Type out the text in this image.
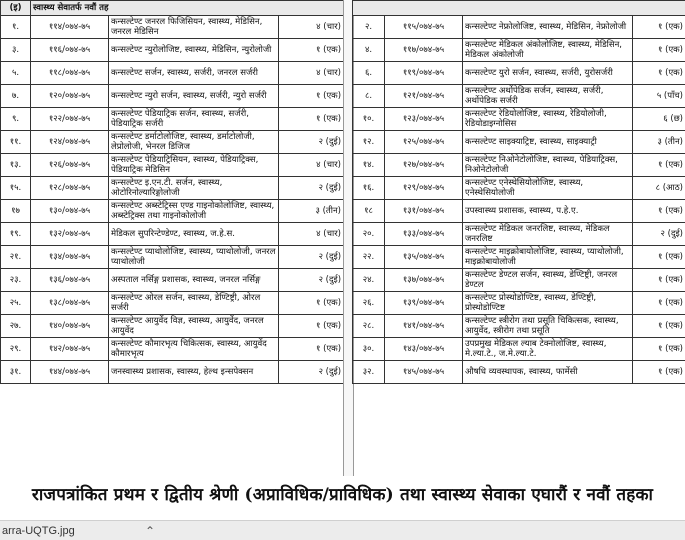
(इ)	स्वास्थ्य सेवातर्फ नवौं तह		
१.	११४/०७४-७५	कन्सल्टेण्ट जनरल फिजिसियन, स्वास्थ्य, मेडिसिन, जनरल मेडिसिन	४ (चार)
३.	११६/०७४-७५	कन्सल्टेण्ट न्युरोलोजिष्ट, स्वास्थ्य, मेडिसिन, न्युरोलोजी	१ (एक)
५.	११८/०७४-७५	कन्सल्टेण्ट सर्जन, स्वास्थ्य, सर्जरी, जनरल सर्जरी	४ (चार)
७.	१२०/०७४-७५	कन्सल्टेण्ट न्युरो सर्जन, स्वास्थ्य, सर्जरी, न्युरो सर्जरी	१ (एक)
९.	१२२/०७४-७५	कन्सल्टेण्ट पेडियाट्रिक सर्जन, स्वास्थ्य, सर्जरी, पेडियाट्रिक सर्जरी	१ (एक)
११.	१२४/०७४-७५	कन्सल्टेण्ट डर्माटोलोजिष्ट, स्वास्थ्य, डर्माटोलोजी, लेप्रोलोजी, भेनरल डिजिज	२ (दुई)
१३.	१२६/०७४-७५	कन्सल्टेण्ट पेडियाट्रिसियन, स्वास्थ्य, पेडियाट्रिक्स, पेडियाट्रिक मेडिसिन	४ (चार)
१५.	१२८/०७४-७५	कन्सल्टेण्ट इ.एन.टी. सर्जन, स्वास्थ्य, ओटोरिनोल्यारिङ्गोलोजी	२ (दुई)
१७	१३०/०७४-७५	कन्सल्टेण्ट अब्स्टेट्रिस्स एण्ड गाइनोकोलोजिष्ट, स्वास्थ्य, अब्स्टेट्रिक्स तथा गाइनोकोलोजी	३ (तीन)
१९.	१३२/०७४-७५	मेडिकल सुपरिन्टेण्डेण्ट, स्वास्थ्य, ज.हे.स.	४ (चार)
२१.	१३४/०७४-७५	कन्सल्टेण्ट प्याथोलोजिष्ट, स्वास्थ्य, प्याथोलोजी, जनरल प्याथोलोजी	२ (दुई)
२३.	१३६/०७४-७५	अस्पताल नर्सिङ्ग प्रशासक, स्वास्थ्य, जनरल नर्सिङ्ग	२ (दुई)
२५.	१३८/०७४-७५	कन्सल्टेण्ट ओरल सर्जन, स्वास्थ्य, डेण्टिष्ट्री, ओरल सर्जरी	१ (एक)
२७.	१४०/०७४-७५	कन्सल्टेण्ट आयुर्वेद विज्ञ, स्वास्थ्य, आयुर्वेद, जनरल आयुर्वेद	१ (एक)
२९.	१४२/०७४-७५	कन्सल्टेण्ट कौमारभृत्य चिकित्सक, स्वास्थ्य, आयुर्वेद कौमारभृत्य	१ (एक)
३१.	१४४/०७४-७५	जनस्वास्थ्य प्रशासक, स्वास्थ्य, हेल्थ इन्सपेक्सन	२ (दुई)

२.	११५/०७४-७५	कन्सल्टेण्ट नेफ्रोलोजिष्ट, स्वास्थ्य, मेडिसिन, नेफ्रोलोजी	१ (एक)
४.	११७/०७४-७५	कन्सल्टेण्ट मेडिकल अंकोलोजिष्ट, स्वास्थ्य, मेडिसिन, मेडिकल अंकोलोजी	१ (एक)
६.	११९/०७४-७५	कन्सल्टेण्ट युरो सर्जन, स्वास्थ्य, सर्जरी, युरोसर्जरी	१ (एक)
८.	१२१/०७४-७५	कन्सल्टेण्ट अर्थोपेडिक सर्जन, स्वास्थ्य, सर्जरी, अर्थोपेडिक सर्जरी	५ (पाँच)
१०.	१२३/०७४-७५	कन्सल्टेण्ट रेडियोलोजिष्ट, स्वास्थ्य, रेडियोलोजी, रेडियोडाइग्नोसिस	६ (छ)
१२.	१२५/०७४-७५	कन्सल्टेण्ट साइक्याट्रिष्ट, स्वास्थ्य, साइक्याट्री	३ (तीन)
१४.	१२७/०७४-७५	कन्सल्टेण्ट निओनेटोलोजिष्ट, स्वास्थ्य, पेडियाट्रिक्स, निओनेटोलोजी	१ (एक)
१६.	१२९/०७४-७५	कन्सल्टेण्ट एनेस्थेसियोलोजिष्ट, स्वास्थ्य, एनेस्थेसियोलोजी	८ (आठ)
१८	१३१/०७४-७५	उपस्वास्थ्य प्रशासक, स्वास्थ्य, प.हे.ए.	१ (एक)
२०.	१३३/०७४-७५	कन्सल्टेण्ट मेडिकल जनरलिष्ट, स्वास्थ्य, मेडिकल जनरलिष्ट	२ (दुई)
२२.	१३५/०७४-७५	कन्सल्टेण्ट माइक्रोबायोलोजिष्ट, स्वास्थ्य, प्याथोलोजी, माइक्रोबायोलोजी	१ (एक)
२४.	१३७/०७४-७५	कन्सल्टेण्ट डेण्टल सर्जन, स्वास्थ्य, डेण्टिष्ट्री, जनरल डेण्टल	१ (एक)
२६.	१३९/०७४-७५	कन्सल्टेण्ट प्रोस्थोडोण्टिष्ट, स्वास्थ्य, डेण्टिष्ट्री, प्रोस्थोडोण्टिष्ट	१ (एक)
२८.	१४१/०७४-७५	कन्सल्टेण्ट स्त्रीरोग तथा प्रसूति चिकित्सक, स्वास्थ्य, आयुर्वेद, स्त्रीरोग तथा प्रसूति	१ (एक)
३०.	१४३/०७४-७५	उपप्रमुख मेडिकल ल्याब टेक्नोलोजिष्ट, स्वास्थ्य, मे.ल्या.टे., ज.मे.ल्या.टे.	१ (एक)
३२.	१४५/०७४-७५	औषधि व्यवस्थापक, स्वास्थ्य, फार्मेसी	१ (एक)
राजपत्रांकित प्रथम र द्वितीय श्रेणी (अप्राविधिक/प्राविधिक) तथा स्वास्थ्य सेवाका एघारौं र नवौं तहका
arra-UQTG.jpg	⌃
